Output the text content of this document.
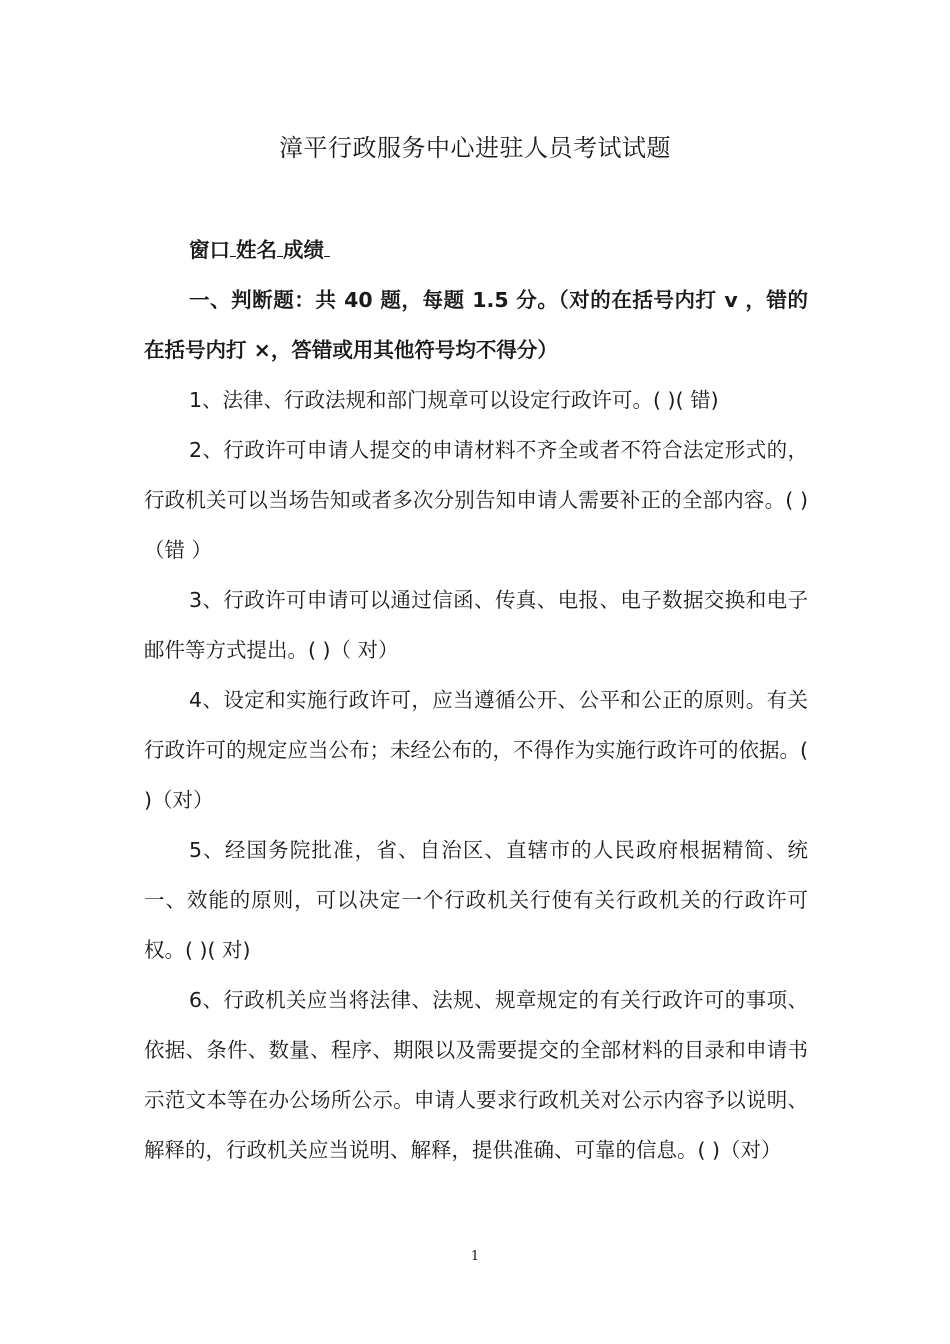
漳平行政服务中心进驻人员考试试题

窗口 姓名 成绩

一、判断题：共 40 题，每题 1.5 分。（对的在括号内打 v ，错的在括号内打 ×，答错或用其他符号均不得分）

1、法律、行政法规和部门规章可以设定行政许可。( )( 错)

2、行政许可申请人提交的申请材料不齐全或者不符合法定形式的，行政机关可以当场告知或者多次分别告知申请人需要补正的全部内容。( )（错 ）

3、行政许可申请可以通过信函、传真、电报、电子数据交换和电子邮件等方式提出。( )（ 对）

4、设定和实施行政许可，应当遵循公开、公平和公正的原则。有关行政许可的规定应当公布；未经公布的，不得作为实施行政许可的依据。( )（对）

5、经国务院批准，省、自治区、直辖市的人民政府根据精简、统一、效能的原则，可以决定一个行政机关行使有关行政机关的行政许可权。( )( 对)

6、行政机关应当将法律、法规、规章规定的有关行政许可的事项、依据、条件、数量、程序、期限以及需要提交的全部材料的目录和申请书示范文本等在办公场所公示。申请人要求行政机关对公示内容予以说明、解释的，行政机关应当说明、解释，提供准确、可靠的信息。( )（对）

1
